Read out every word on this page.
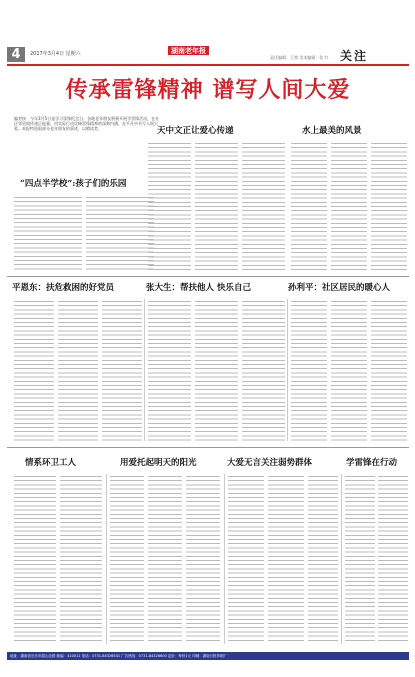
4	2017年3月4日 星期六	湖南老年报
责任编辑：王茜 美术编辑：张 红 关注
传承雷锋精神 谱写人间大爱
编者按：今年3月5日是学习雷锋纪念日。各地老年朋友积极开展学雷锋活动，在社区邻里间传递正能量，用实际行动诠释雷锋精神的深刻内涵，在平凡中书写人间大爱。本报特选取部分老年朋友的事迹，以飨读者。	天中文正让爱心传递	水上最美的风景
“四点半学校”:孩子们的乐园
平恩东：扶危救困的好党员	张大生：帮扶他人 快乐自己	孙利平：社区居民的暖心人
情系环卫工人	用爱托起明天的阳光	大爱无言关注弱势群体	学雷锋在行动
地址：湖南省长沙市韶山北路 邮编：410011 电话：0731-84326541 广告热线：0731-84326600 定价：每份1元 印刷：湖南日报印刷厂
